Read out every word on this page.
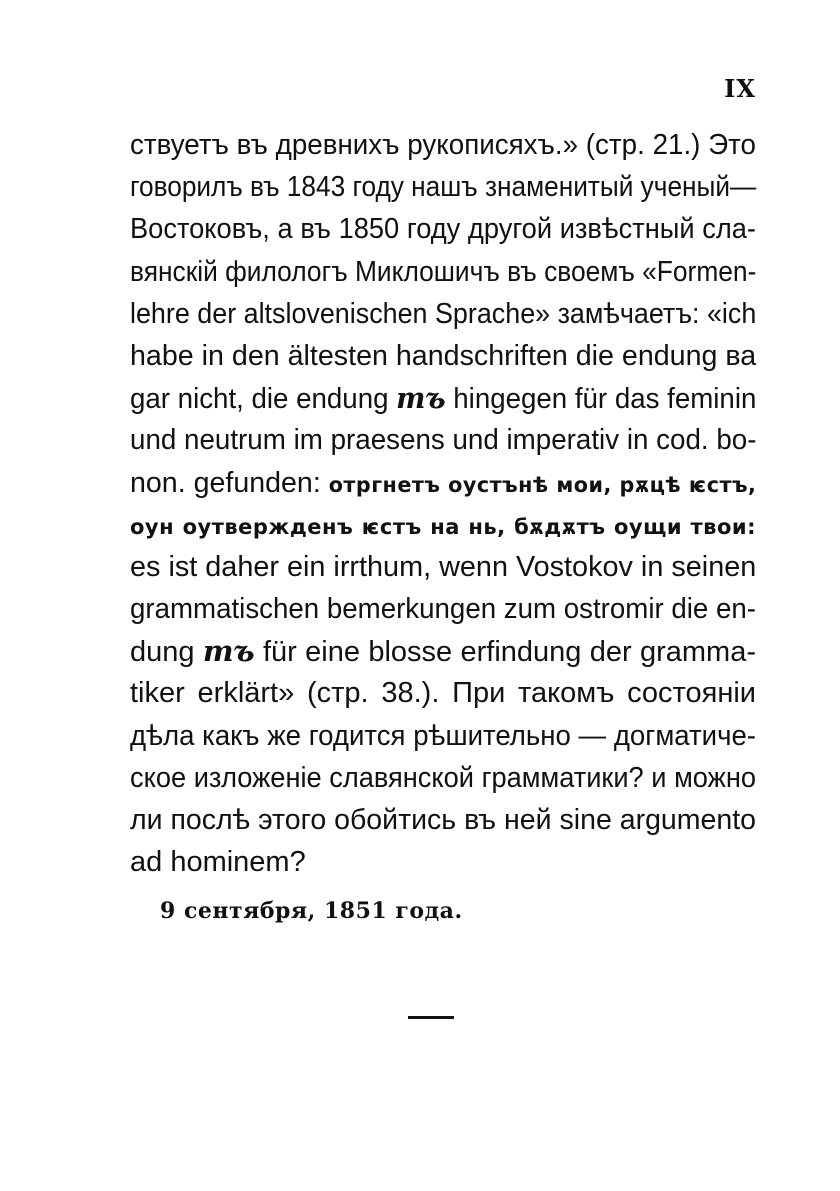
IX
ствуетъ въ древнихъ рукописяхъ.» (стр. 21.) Это
говорилъ въ 1843 году нашъ знаменитый ученый—
Востоковъ, а въ 1850 году другой извѣстный сла-
вянскій филологъ Миклошичъ въ своемъ «Formen-
lehre der altslovenischen Sprache» замѣчаетъ: «ich
habe in den ältesten handschriften die endung ва
gar nicht, die endung тъ hingegen für das feminin
und neutrum im praesens und imperativ in cod. bo-
non. gefunden: отргнетъ оустънѣ мои, рѫцѣ ѥстъ,
оун оутвержденъ ѥстъ на нь, бѫдѫтъ оущи твои:
es ist daher ein irrthum, wenn Vostokov in seinen
grammatischen bemerkungen zum ostromir die en-
dung тъ für eine blosse erfindung der gramma-
tiker erklärt» (стр. 38.). При такомъ состояніи
дѣла какъ же годится рѣшительно — догматиче-
ское изложеніе славянской грамматики? и можно
ли послѣ этого обойтись въ ней sine argumento
ad hominem?
9 сентября, 1851 года.
